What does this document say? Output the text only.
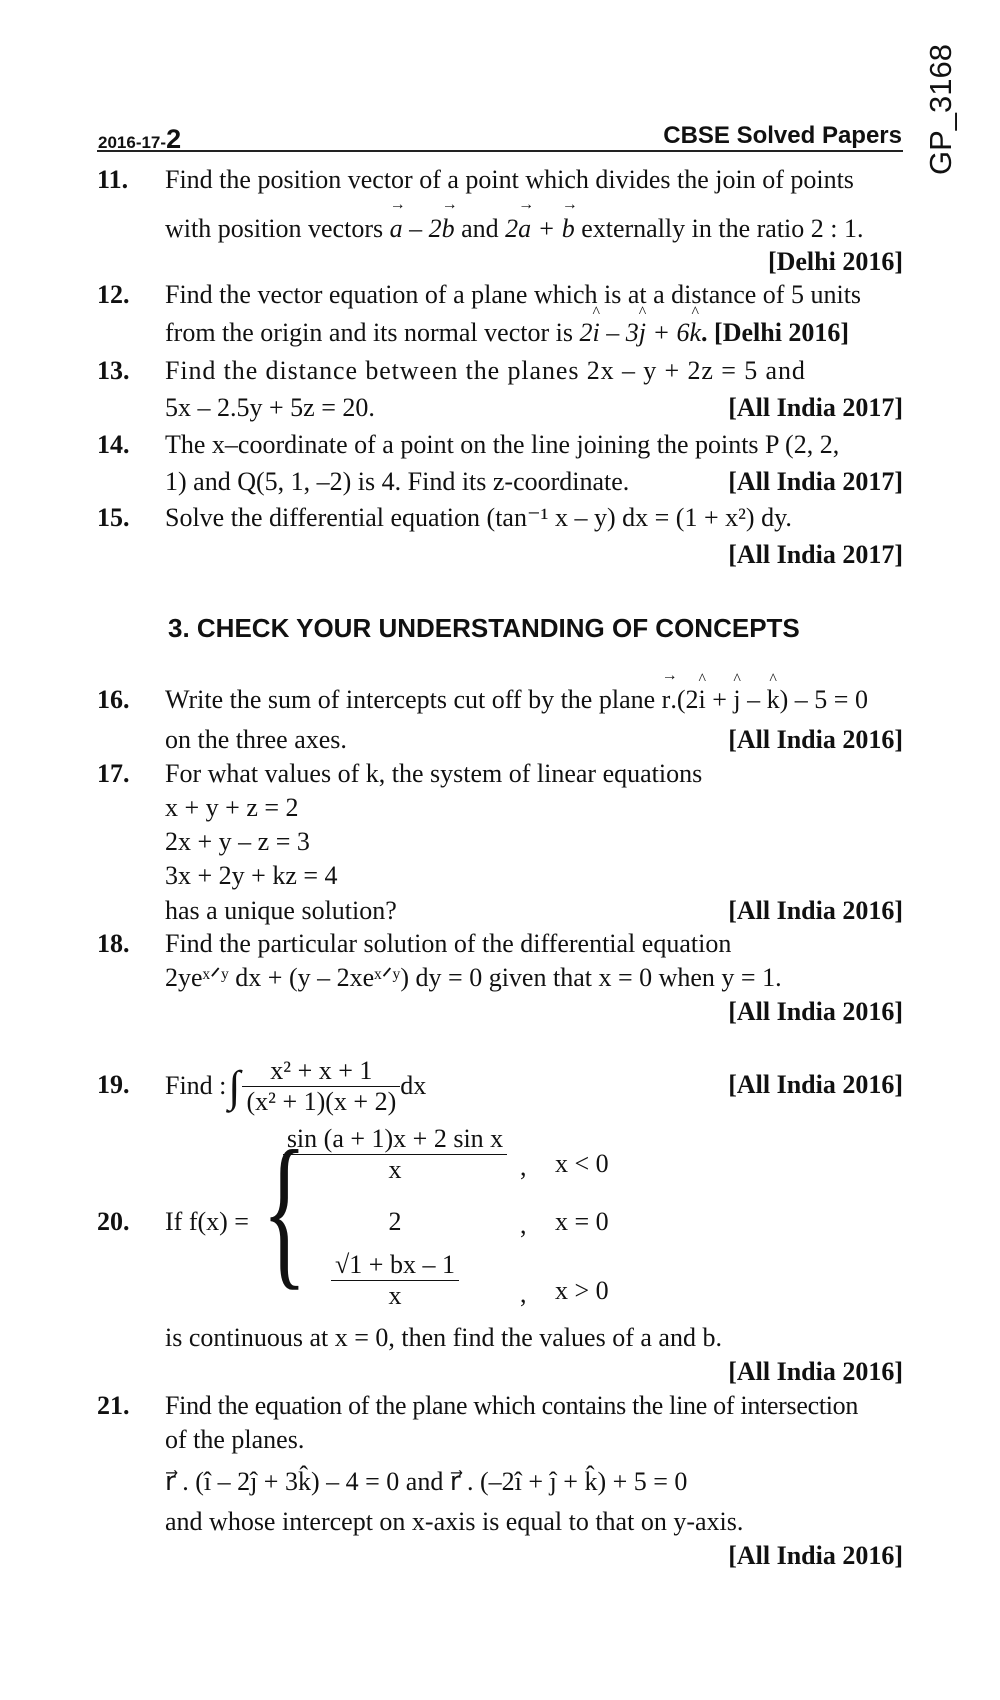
2016-17-2	CBSE Solved Papers GP_3168
11. Find the position vector of a point which divides the join of points
with position vectors → a – 2→ b and 2→ a + → b externally in the ratio 2 : 1.
[Delhi 2016]
12. Find the vector equation of a plane which is at a distance of 5 units
from the origin and its normal vector is 2^ i – 3^ j + 6^ k. [Delhi 2016]
13. Find the distance between the planes 2x – y + 2z = 5 and
5x – 2.5y + 5z = 20.	[All India 2017]
14. The x–coordinate of a point on the line joining the points P (2, 2,
1) and Q(5, 1, –2) is 4. Find its z-coordinate.	[All India 2017]
15. Solve the differential equation (tan⁻¹ x – y) dx = (1 + x²) dy.
[All India 2017]
3. CHECK YOUR UNDERSTANDING OF CONCEPTS
16. Write the sum of intercepts cut off by the plane → r.(2^ i + ^ j – ^ k) – 5 = 0
on the three axes.	[All India 2016]
17. For what values of k, the system of linear equations
x + y + z = 2
2x + y – z = 3
3x + 2y + kz = 4
has a unique solution?	[All India 2016]
18. Find the particular solution of the differential equation
2yeˣᐟʸ dx + (y – 2xeˣᐟʸ) dy = 0 given that x = 0 when y = 1.
[All India 2016]
19. Find : ∫ $\frac{\text{x² + x + 1}}{\text{(x² + 1)(x + 2)}}$ dx	[All India 2016]
20. If f(x) = {
$\frac{\text{sin (a + 1)x + 2 sin x}}{x}$ , x < 0
2	, x = 0
$\frac{√1 + bx - 1}{x}$ , x > 0
is continuous at x = 0, then find the values of a and b.
[All India 2016]
21. Find the equation of the plane which contains the line of intersection
of the planes.
r⃗ . (î – 2ĵ + 3k̂) – 4 = 0 and r⃗ . (–2î + ĵ + k̂) + 5 = 0
and whose intercept on x-axis is equal to that on y-axis.
[All India 2016]
